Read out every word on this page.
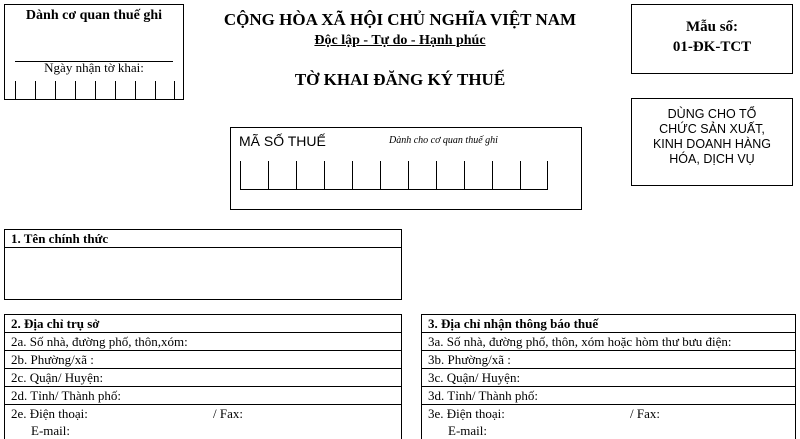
Dành cơ quan thuế ghi
Ngày nhận tờ khai:
CỘNG HÒA XÃ HỘI CHỦ NGHĨA VIỆT NAM
Độc lập - Tự do - Hạnh phúc
TỜ KHAI ĐĂNG KÝ THUẾ
Mẫu số:
01-ĐK-TCT
DÙNG CHO TỔ
CHỨC SẢN XUẤT,
KINH DOANH HÀNG
HÓA, DỊCH VỤ
MÃ SỐ THUẾ	Dành cho cơ quan thuế ghi
1. Tên chính thức
2. Địa chỉ trụ sở
2a. Số nhà, đường phố, thôn,xóm:
2b. Phường/xã :
2c. Quận/ Huyện:
2d. Tỉnh/ Thành phố:
2e. Điện thoại:	/ Fax:
E-mail:
3. Địa chỉ nhận thông báo thuế
3a. Số nhà, đường phố, thôn, xóm hoặc hòm thư bưu điện:
3b. Phường/xã :
3c. Quận/ Huyện:
3d. Tỉnh/ Thành phố:
3e. Điện thoại:	/ Fax:
E-mail:
